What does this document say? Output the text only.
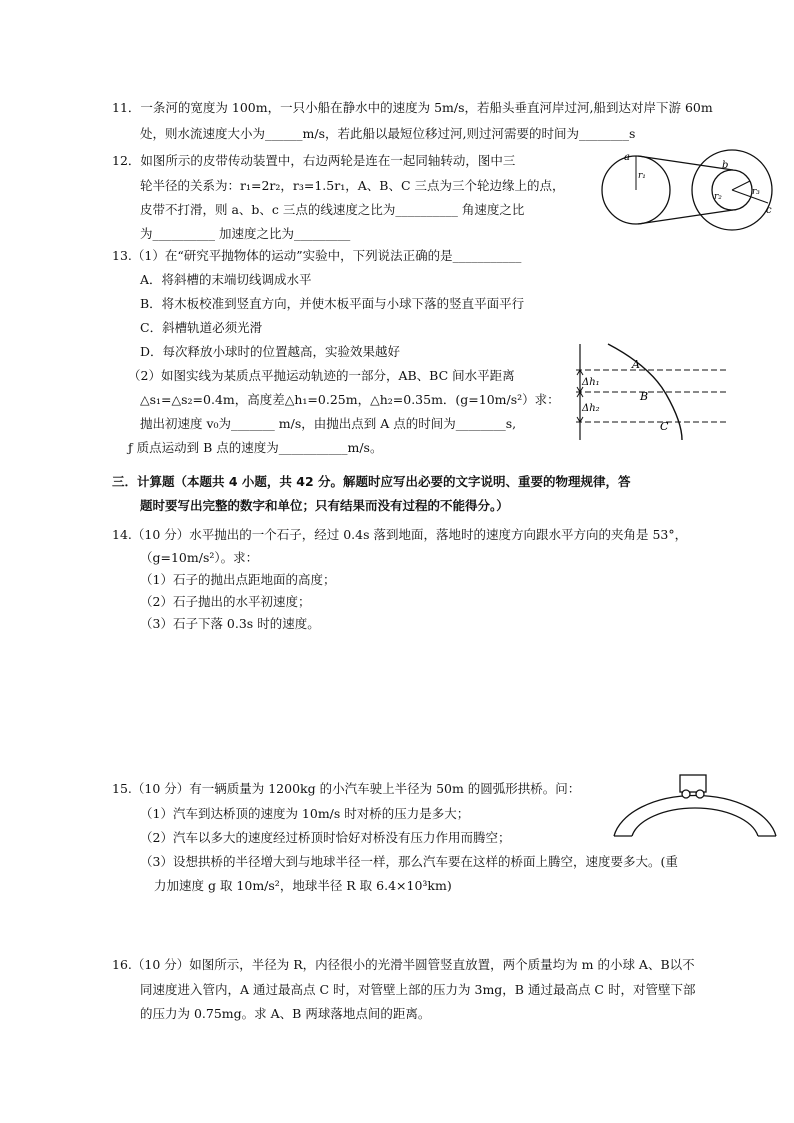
11．一条河的宽度为 100m，一只小船在静水中的速度为 5m/s，若船头垂直河岸过河,船到达对岸下游 60m
处，则水流速度大小为______m/s，若此船以最短位移过河,则过河需要的时间为________s
12．如图所示的皮带传动装置中，右边两轮是连在一起同轴转动，图中三
轮半径的关系为：r₁=2r₂，r₃=1.5r₁，A、B、C 三点为三个轮边缘上的点，
皮带不打滑，则 a、b、c 三点的线速度之比为__________ 角速度之比
为__________ 加速度之比为_________
a
r₁
b
r₂	r₃
c
13.（1）在“研究平抛物体的运动”实验中，下列说法正确的是___________
A．将斜槽的末端切线调成水平
B．将木板校准到竖直方向，并使木板平面与小球下落的竖直平面平行
C．斜槽轨道必须光滑
D．每次释放小球时的位置越高，实验效果越好
（2）如图实线为某质点平抛运动轨迹的一部分，AB、BC 间水平距离
△s₁=△s₂=0.4m，高度差△h₁=0.25m，△h₂=0.35m．(g=10m/s²）求：
抛出初速度 v₀为_______ m/s，由抛出点到 A 点的时间为________s,
ƒ 质点运动到 B 点的速度为___________m/s。
Δh₁
Δh₂
A
B
C
三．计算题（本题共 4 小题，共 42 分。解题时应写出必要的文字说明、重要的物理规律，答
题时要写出完整的数字和单位；只有结果而没有过程的不能得分。）
14.（10 分）水平抛出的一个石子，经过 0.4s 落到地面，落地时的速度方向跟水平方向的夹角是 53°，
（g=10m/s²）。求：
（1）石子的抛出点距地面的高度；
（2）石子抛出的水平初速度；
（3）石子下落 0.3s 时的速度。
15.（10 分）有一辆质量为 1200kg 的小汽车驶上半径为 50m 的圆弧形拱桥。问：
（1）汽车到达桥顶的速度为 10m/s 时对桥的压力是多大；
（2）汽车以多大的速度经过桥顶时恰好对桥没有压力作用而腾空；
（3）设想拱桥的半径增大到与地球半径一样，那么汽车要在这样的桥面上腾空，速度要多大。(重
力加速度 g 取 10m/s²，地球半径 R 取 6.4×10³km)
16.（10 分）如图所示，半径为 R，内径很小的光滑半圆管竖直放置，两个质量均为 m 的小球 A、B以不
同速度进入管内，A 通过最高点 C 时，对管壁上部的压力为 3mg，B 通过最高点 C 时，对管壁下部
的压力为 0.75mg。求 A、B 两球落地点间的距离。
